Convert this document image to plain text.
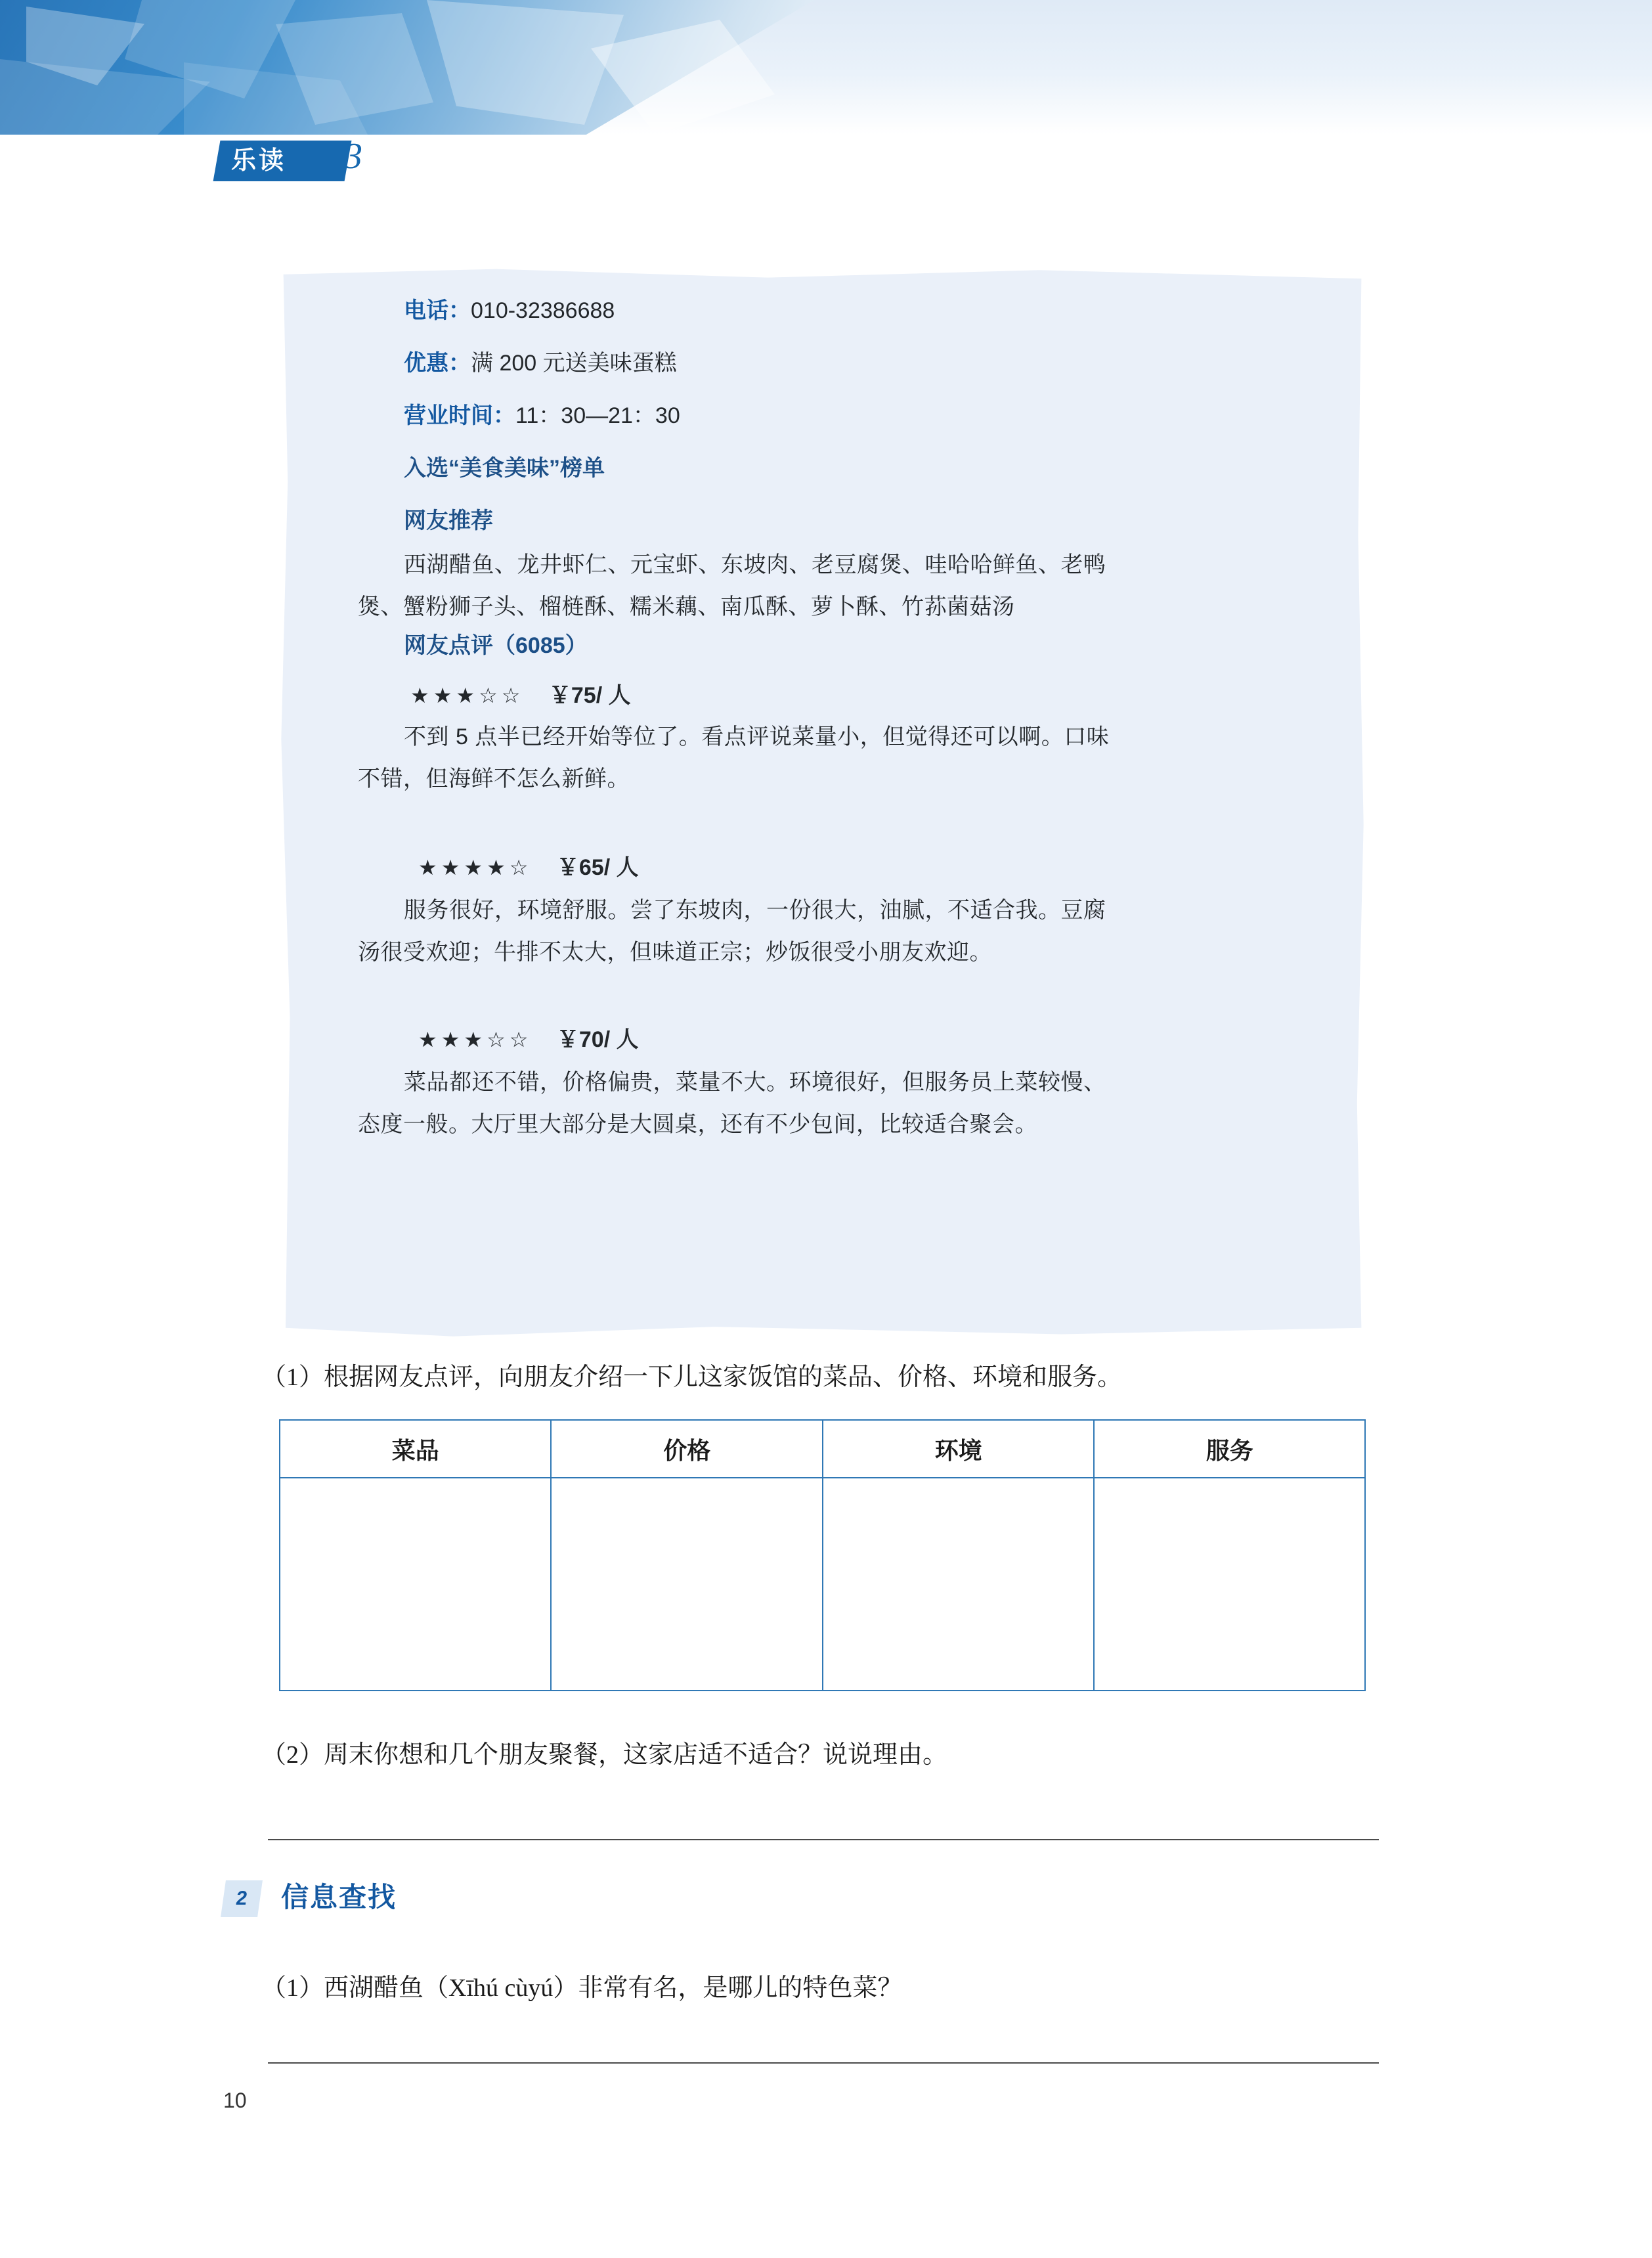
乐读	3
电话：010-32386688
优惠：满 200 元送美味蛋糕
营业时间：11：30—21：30
入选“美食美味”榜单
网友推荐
西湖醋鱼、龙井虾仁、元宝虾、东坡肉、老豆腐煲、哇哈哈鲜鱼、老鸭
煲、蟹粉狮子头、榴梿酥、糯米藕、南瓜酥、萝卜酥、竹荪菌菇汤
网友点评（6085）
★★★☆☆ ￥75/ 人
不到 5 点半已经开始等位了。看点评说菜量小，但觉得还可以啊。口味
不错，但海鲜不怎么新鲜。
★★★★☆ ￥65/ 人
服务很好，环境舒服。尝了东坡肉，一份很大，油腻，不适合我。豆腐
汤很受欢迎；牛排不太大，但味道正宗；炒饭很受小朋友欢迎。
★★★☆☆ ￥70/ 人
菜品都还不错，价格偏贵，菜量不大。环境很好，但服务员上菜较慢、
态度一般。大厅里大部分是大圆桌，还有不少包间，比较适合聚会。
（1）根据网友点评，向朋友介绍一下儿这家饭馆的菜品、价格、环境和服务。
菜品	价格	环境	服务

（2）周末你想和几个朋友聚餐，这家店适不适合？说说理由。
2	信息查找
（1）西湖醋鱼（Xīhú cùyú）非常有名，是哪儿的特色菜？
10
